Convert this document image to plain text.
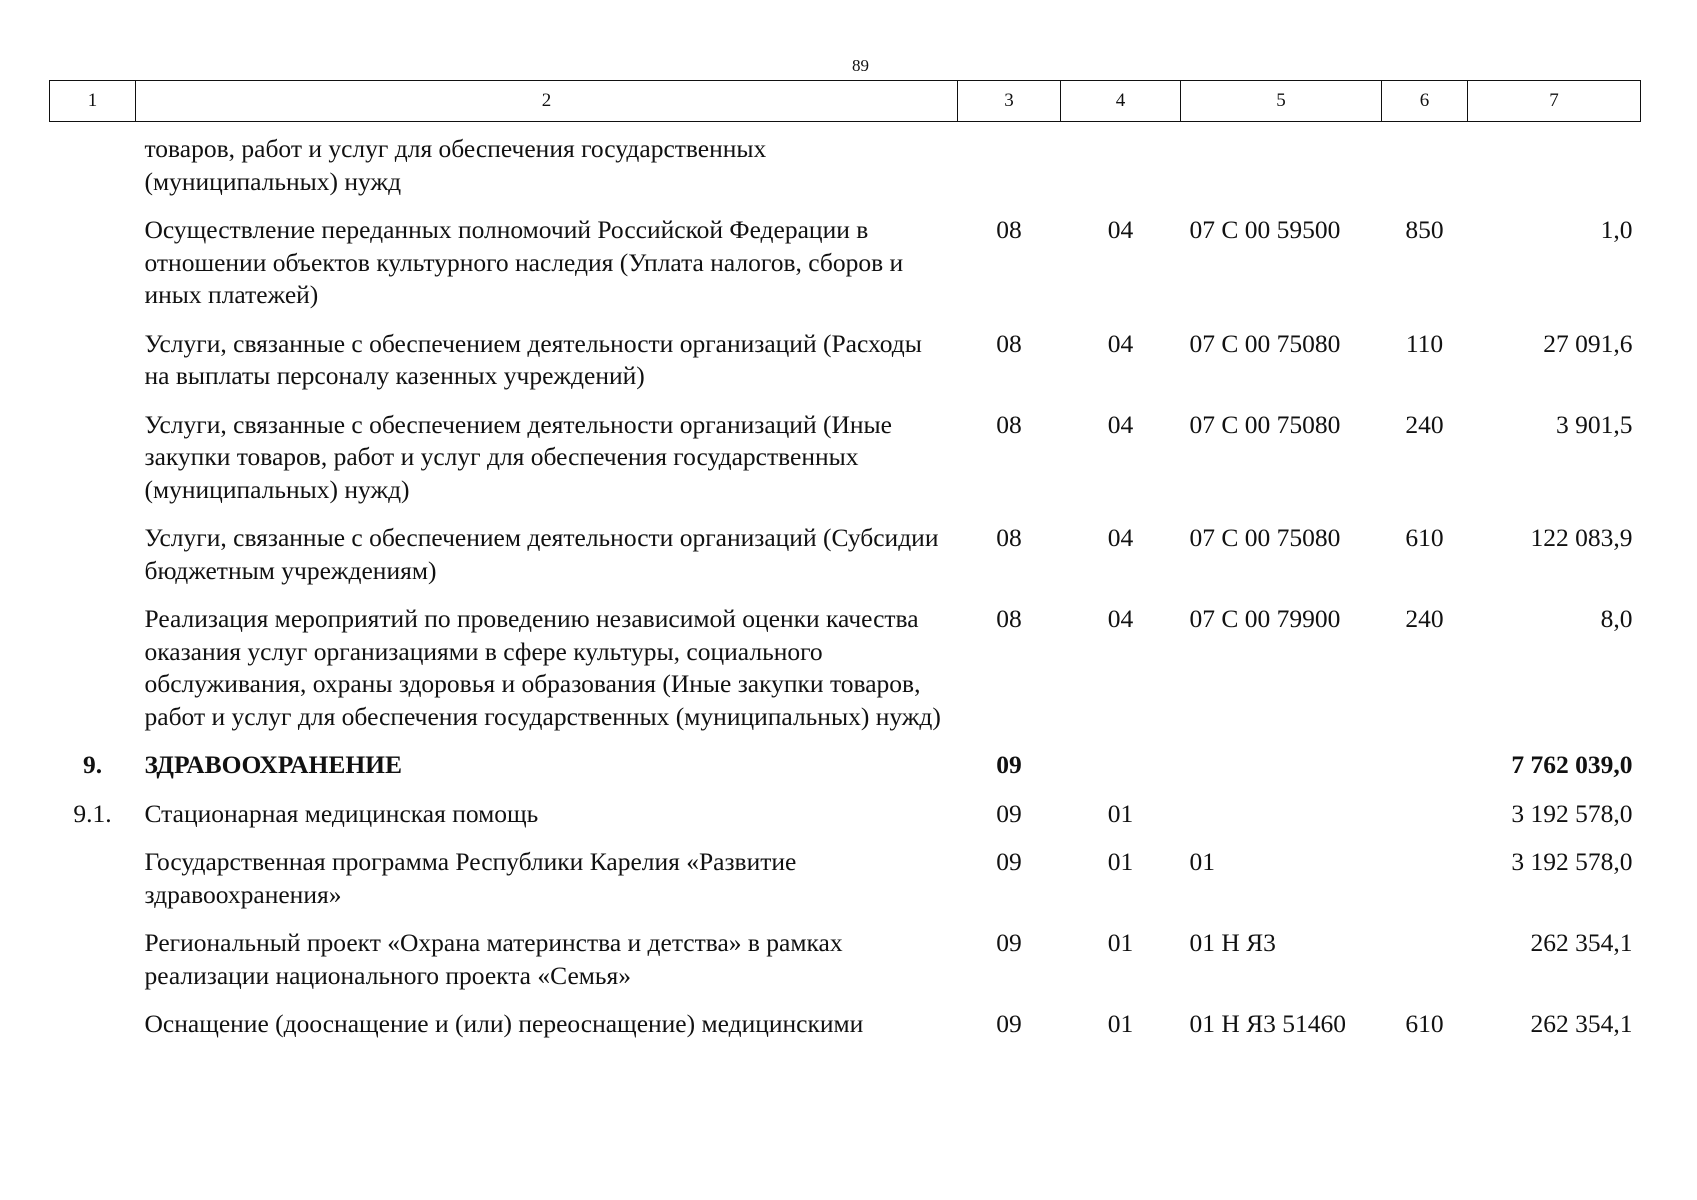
89
1	2	3	4	5	6	7
	товаров, работ и услуг для обеспечения государственных (муниципальных) нужд					
	Осуществление переданных полномочий Российской Федерации в отношении объектов культурного наследия (Уплата налогов, сборов и иных платежей)	08	04	07 С 00 59500	850	1,0
	Услуги, связанные с обеспечением деятельности организаций (Расходы на выплаты персоналу казенных учреждений)	08	04	07 С 00 75080	110	27 091,6
	Услуги, связанные с обеспечением деятельности организаций (Иные закупки товаров, работ и услуг для обеспечения государственных (муниципальных) нужд)	08	04	07 С 00 75080	240	3 901,5
	Услуги, связанные с обеспечением деятельности организаций (Субсидии бюджетным учреждениям)	08	04	07 С 00 75080	610	122 083,9
	Реализация мероприятий по проведению независимой оценки качества оказания услуг организациями в сфере культуры, социального обслуживания, охраны здоровья и образования (Иные закупки товаров, работ и услуг для обеспечения государственных (муниципальных) нужд)	08	04	07 С 00 79900	240	8,0
9.	ЗДРАВООХРАНЕНИЕ	09				7 762 039,0
9.1.	Стационарная медицинская помощь	09	01			3 192 578,0
	Государственная программа Республики Карелия «Развитие здравоохранения»	09	01	01		3 192 578,0
	Региональный проект «Охрана материнства и детства» в рамках реализации национального проекта «Семья»	09	01	01 Н Я3		262 354,1
	Оснащение (дооснащение и (или) переоснащение) медицинскими	09	01	01 Н Я3 51460	610	262 354,1
